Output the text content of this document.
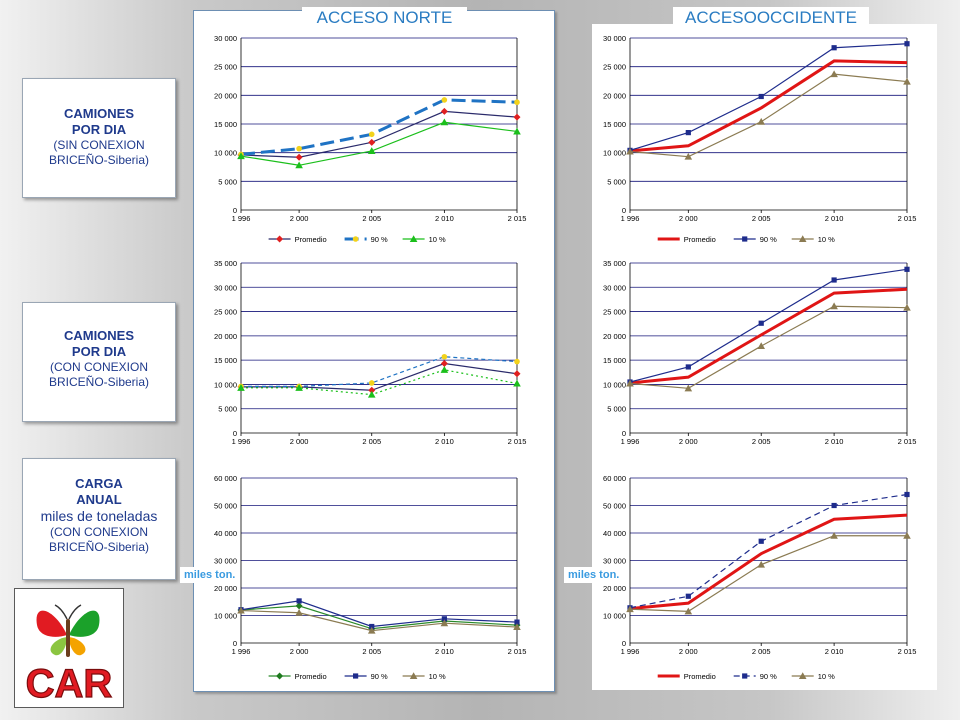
ACCESO NORTE	ACCESOOCCIDENTE
CAMIONES
POR DIA
(SIN CONEXION
BRICEÑO-Siberia)
CAMIONES
POR DIA
(CON CONEXION
BRICEÑO-Siberia)
CARGA
ANUAL
miles de toneladas
(CON CONEXION
BRICEÑO-Siberia)
0
5 000
10 000
15 000
20 000
25 000
30 000
1 996	2 000	2 005	2 010	2 015
Promedio	90 %	10 %
0
5 000
10 000
15 000
20 000
25 000
30 000
1 996	2 000	2 005	2 010	2 015
Promedio	90 %	10 %
0
5 000
10 000
15 000
20 000
25 000
30 000
35 000
1 996	2 000	2 005	2 010	2 015
0
5 000
10 000
15 000
20 000
25 000
30 000
35 000
1 996	2 000	2 005	2 010	2 015
0
10 000
20 000
30 000
40 000
50 000
60 000
1 996	2 000	2 005	2 010	2 015
Promedio	90 %	10 %
0
10 000
20 000
30 000
40 000
50 000
60 000
1 996	2 000	2 005	2 010	2 015
Promedio	90 %	10 %
miles ton.	miles ton.
CAR
